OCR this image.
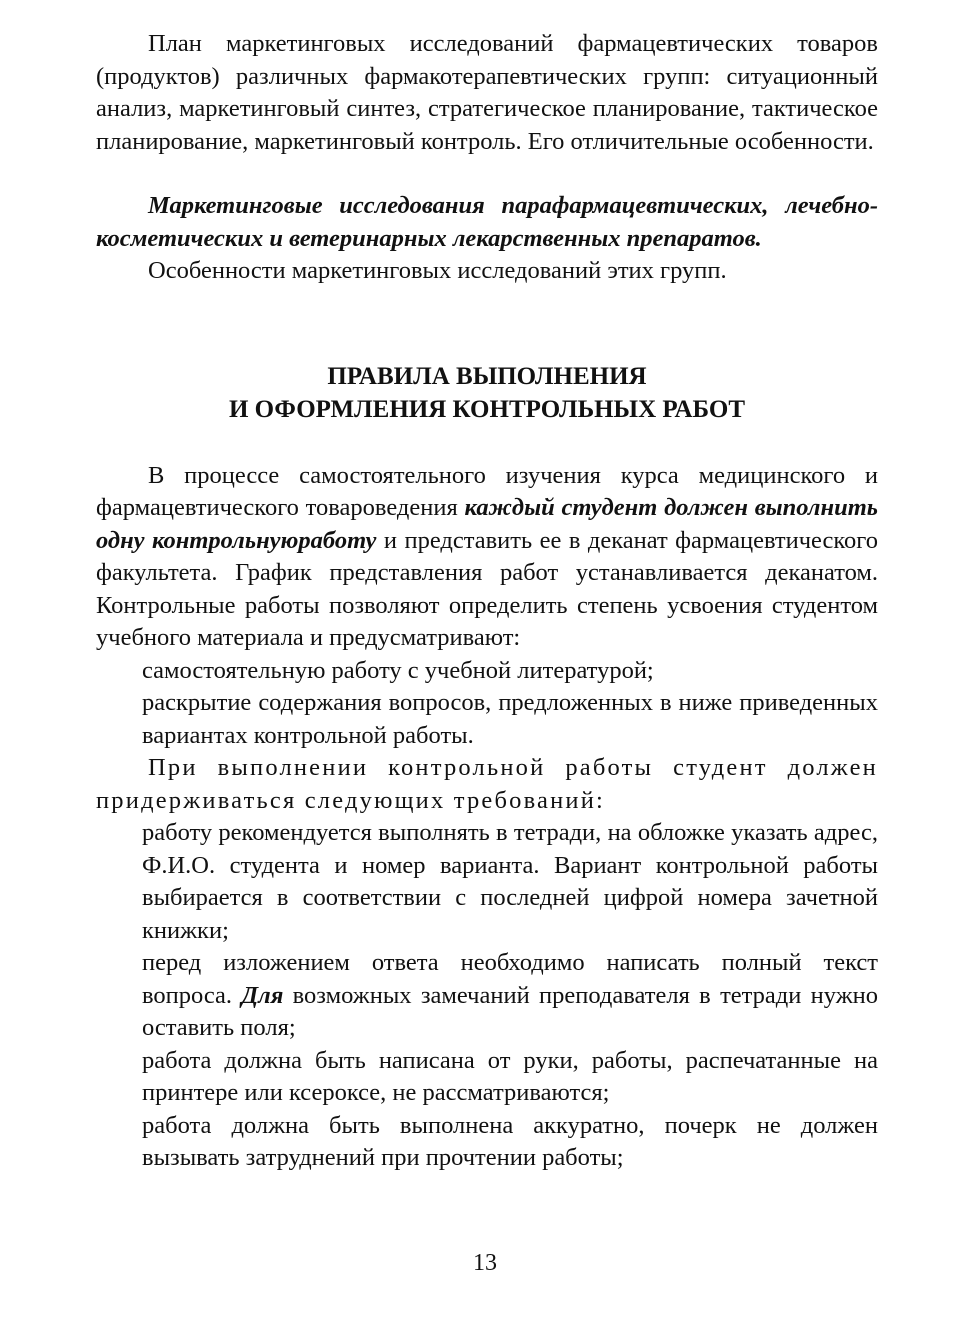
План маркетинговых исследований фармацевтических товаров (продуктов) различных фармакотерапевтических групп: ситуационный анализ, маркетинговый синтез, стратегическое планирование, тактическое планирование, маркетинговый контроль. Его отличительные особенности.

Маркетинговые исследования парафармацевтических, лечебно-косметических и ветеринарных лекарственных препаратов.

Особенности маркетинговых исследований этих групп.

ПРАВИЛА ВЫПОЛНЕНИЯ
И ОФОРМЛЕНИЯ КОНТРОЛЬНЫХ РАБОТ

В процессе самостоятельного изучения курса медицинского и фармацевтического товароведения каждый студент должен выполнить одну контрольнуюработу и представить ее в деканат фармацевтического факультета. График представления работ устанавливается деканатом. Контрольные работы позволяют определить степень усвоения студентом учебного материала и предусматривают:

самостоятельную работу с учебной литературой;

раскрытие содержания вопросов, предложенных в ниже приведенных вариантах контрольной работы.

При выполнении контрольной работы студент должен придерживаться следующих требований:

работу рекомендуется выполнять в тетради, на обложке указать адрес, Ф.И.О. студента и номер варианта. Вариант контрольной работы выбирается в соответствии с последней цифрой номера зачетной книжки;

перед изложением ответа необходимо написать полный текст вопроса. Для возможных замечаний преподавателя в тетради нужно оставить поля;

работа должна быть написана от руки, работы, распечатанные на принтере или ксероксе, не рассматриваются;

работа должна быть выполнена аккуратно, почерк не должен вызывать затруднений при прочтении работы;

13
